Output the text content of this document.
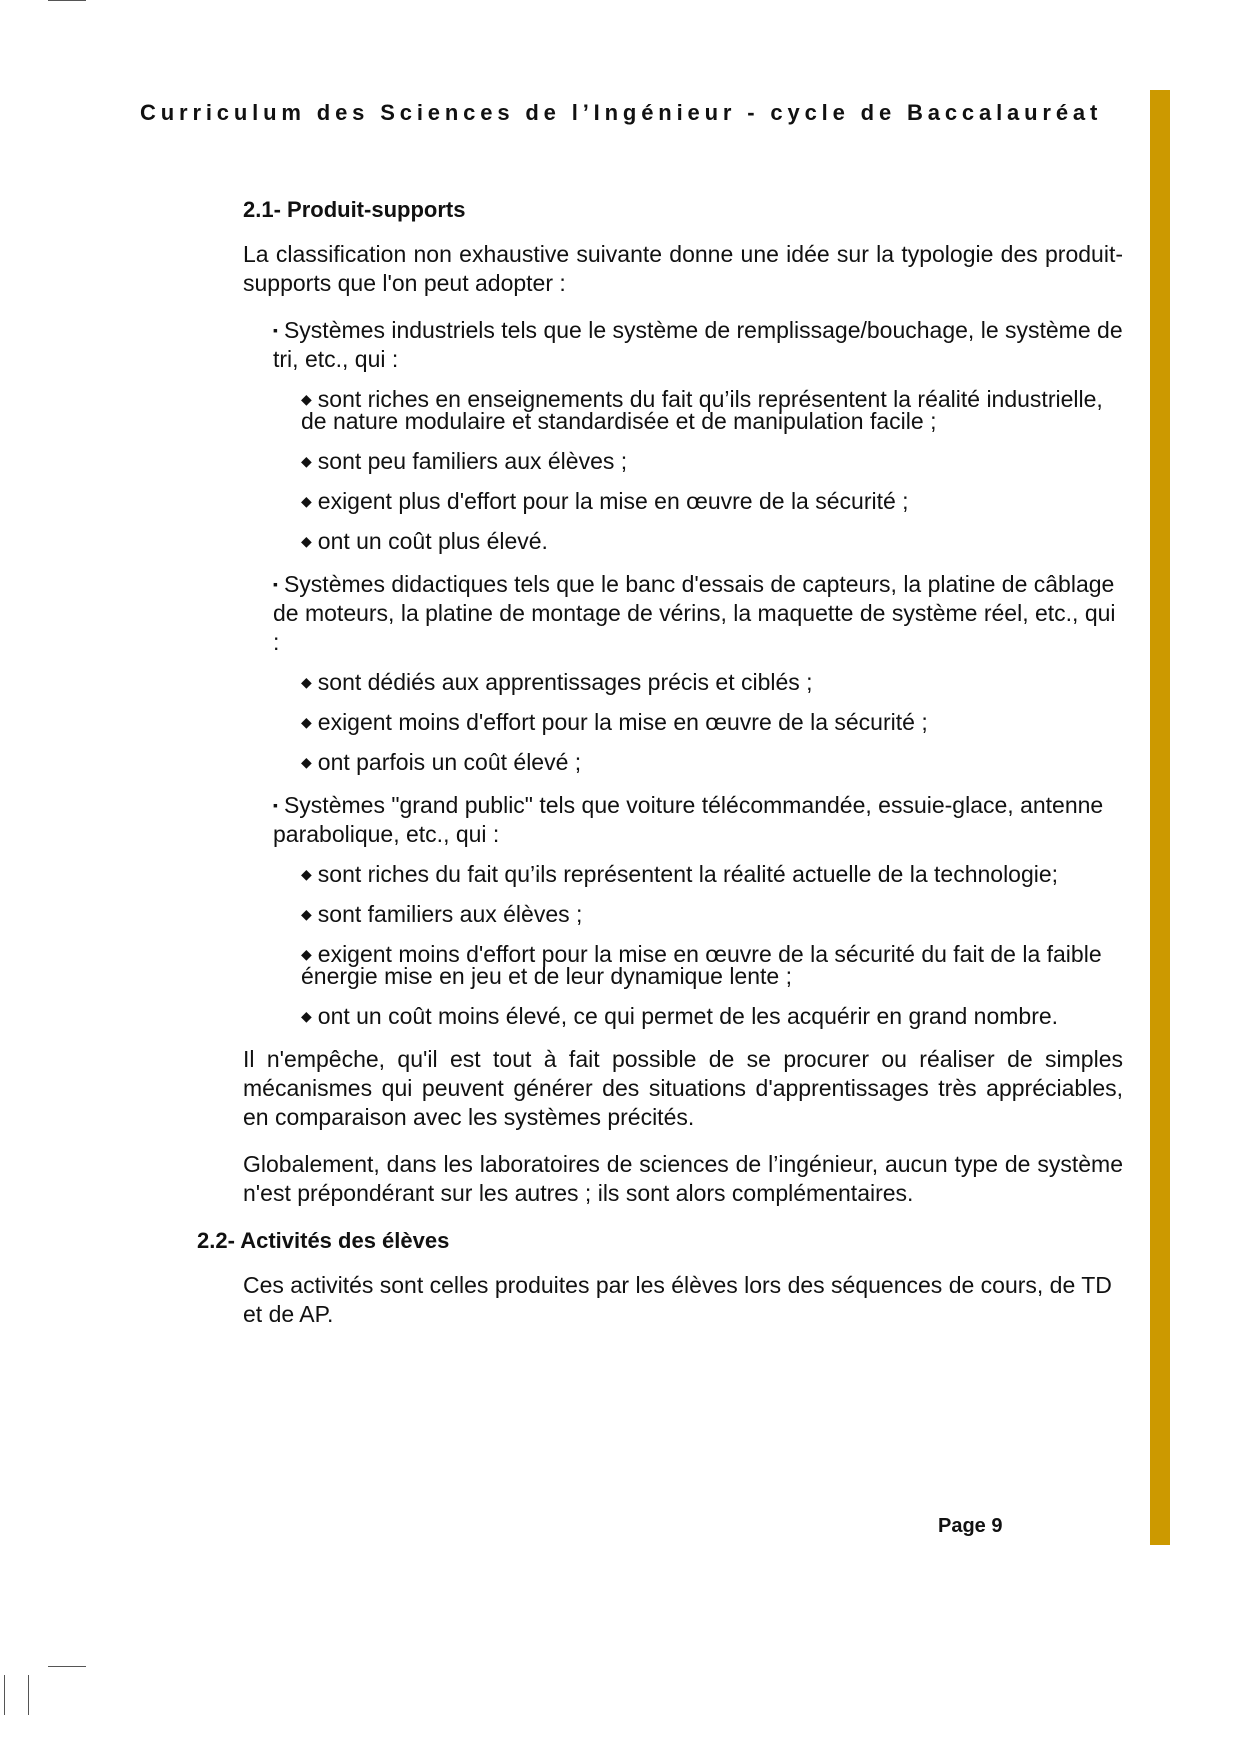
Curriculum des Sciences de l’Ingénieur - cycle de Baccalauréat
2.1- Produit-supports

La classification non exhaustive suivante donne une idée sur la typologie des produit-supports que l'on peut adopter :

▪ Systèmes industriels tels que le système de remplissage/bouchage, le système de tri, etc., qui :
◆ sont riches en enseignements du fait qu’ils représentent la réalité industrielle, de nature modulaire et standardisée et de manipulation facile ;
◆ sont peu familiers aux élèves ;
◆ exigent plus d'effort pour la mise en œuvre de la sécurité ;
◆ ont un coût plus élevé.
▪ Systèmes didactiques tels que le banc d'essais de capteurs, la platine de câblage de moteurs, la platine de montage de vérins, la maquette de système réel, etc., qui :
◆ sont dédiés aux apprentissages précis et ciblés ;
◆ exigent moins d'effort pour la mise en œuvre de la sécurité ;
◆ ont parfois un coût élevé ;
▪ Systèmes "grand public" tels que voiture télécommandée, essuie-glace, antenne parabolique, etc., qui :
◆ sont riches du fait qu’ils représentent la réalité actuelle de la technologie;
◆ sont familiers aux élèves ;
◆ exigent moins d'effort pour la mise en œuvre de la sécurité du fait de la faible énergie mise en jeu et de leur dynamique lente ;
◆ ont un coût moins élevé, ce qui permet de les acquérir en grand nombre.

Il n'empêche, qu'il est tout à fait possible de se procurer ou réaliser de simples mécanismes qui peuvent générer des situations d'apprentissages très appréciables, en comparaison avec les systèmes précités.

Globalement, dans les laboratoires de sciences de l’ingénieur, aucun type de système n'est prépondérant sur les autres ; ils sont alors complémentaires.

2.2- Activités des élèves

Ces activités sont celles produites par les élèves lors des séquences de cours, de TD et de AP.

Page 9
